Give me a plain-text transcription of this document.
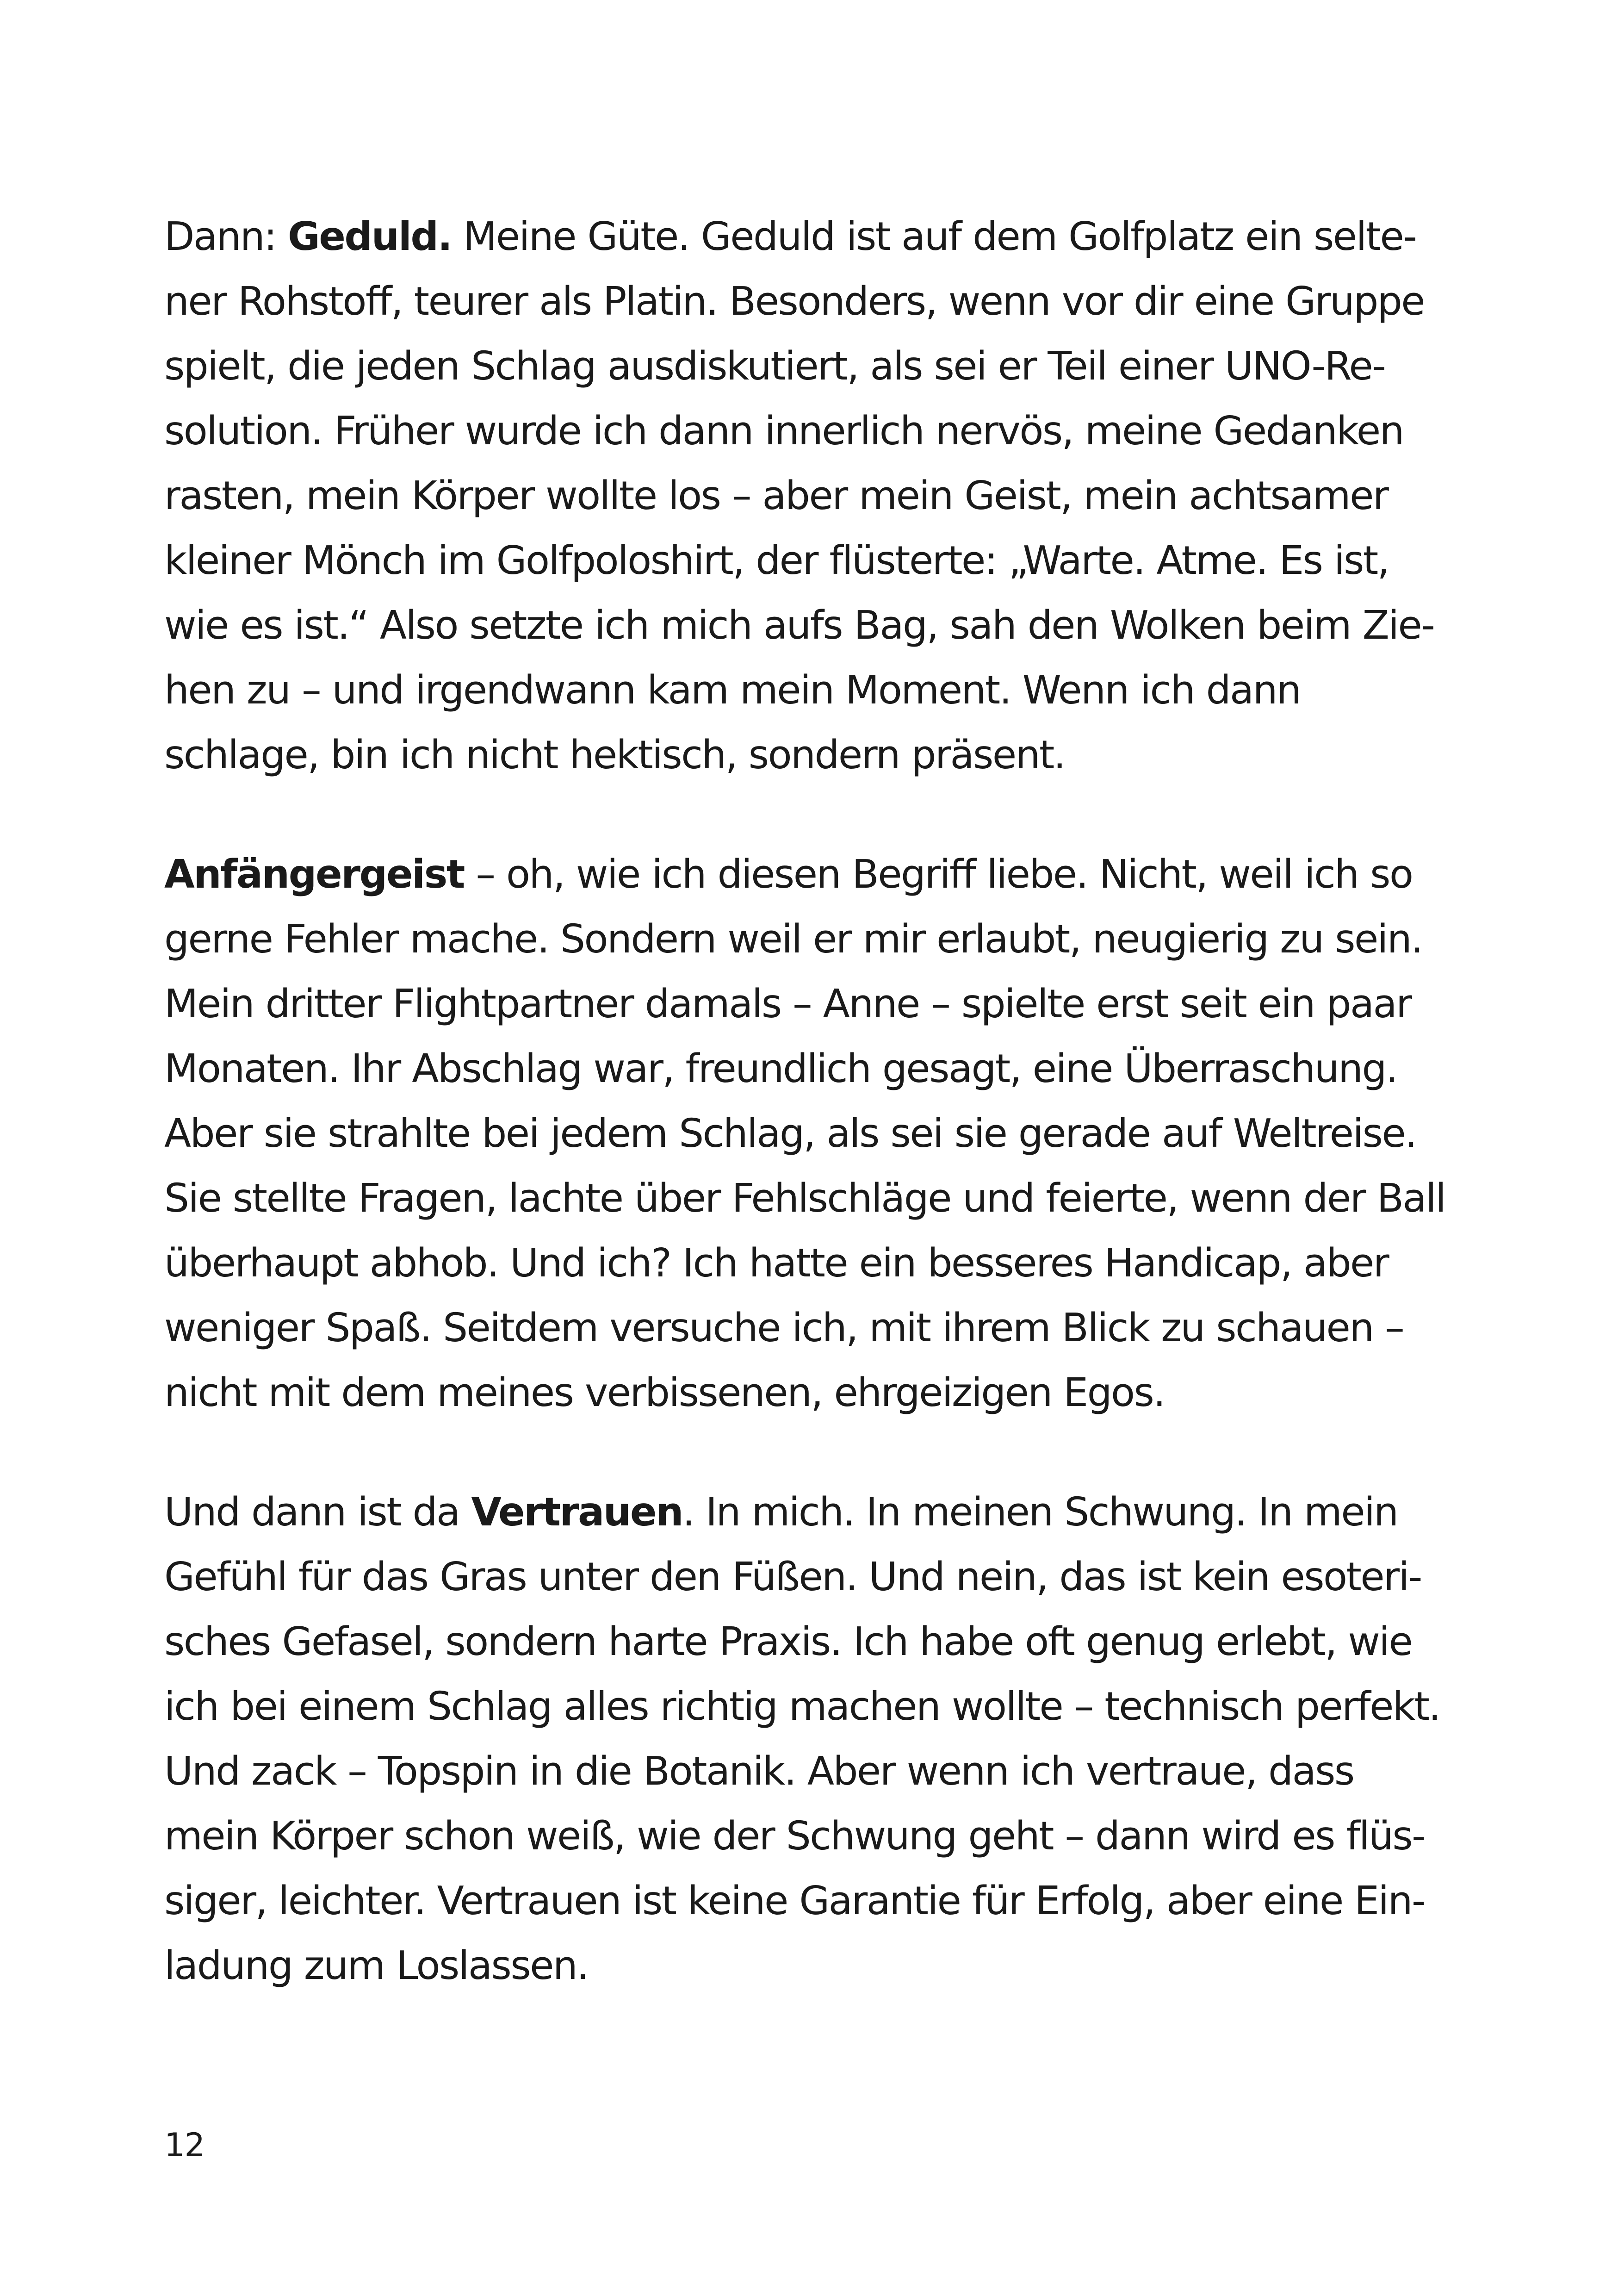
Dann: Geduld. Meine Güte. Geduld ist auf dem Golfplatz ein selte-
ner Rohstoff, teurer als Platin. Besonders, wenn vor dir eine Gruppe
spielt, die jeden Schlag ausdiskutiert, als sei er Teil einer UNO-Re-
solution. Früher wurde ich dann innerlich nervös, meine Gedanken
rasten, mein Körper wollte los – aber mein Geist, mein achtsamer
kleiner Mönch im Golfpoloshirt, der flüsterte: „Warte. Atme. Es ist,
wie es ist.“ Also setzte ich mich aufs Bag, sah den Wolken beim Zie-
hen zu – und irgendwann kam mein Moment. Wenn ich dann
schlage, bin ich nicht hektisch, sondern präsent.

Anfängergeist – oh, wie ich diesen Begriff liebe. Nicht, weil ich so
gerne Fehler mache. Sondern weil er mir erlaubt, neugierig zu sein.
Mein dritter Flightpartner damals – Anne – spielte erst seit ein paar
Monaten. Ihr Abschlag war, freundlich gesagt, eine Überraschung.
Aber sie strahlte bei jedem Schlag, als sei sie gerade auf Weltreise.
Sie stellte Fragen, lachte über Fehlschläge und feierte, wenn der Ball
überhaupt abhob. Und ich? Ich hatte ein besseres Handicap, aber
weniger Spaß. Seitdem versuche ich, mit ihrem Blick zu schauen –
nicht mit dem meines verbissenen, ehrgeizigen Egos.

Und dann ist da Vertrauen. In mich. In meinen Schwung. In mein
Gefühl für das Gras unter den Füßen. Und nein, das ist kein esoteri-
sches Gefasel, sondern harte Praxis. Ich habe oft genug erlebt, wie
ich bei einem Schlag alles richtig machen wollte – technisch perfekt.
Und zack – Topspin in die Botanik. Aber wenn ich vertraue, dass
mein Körper schon weiß, wie der Schwung geht – dann wird es flüs-
siger, leichter. Vertrauen ist keine Garantie für Erfolg, aber eine Ein-
ladung zum Loslassen.

12
